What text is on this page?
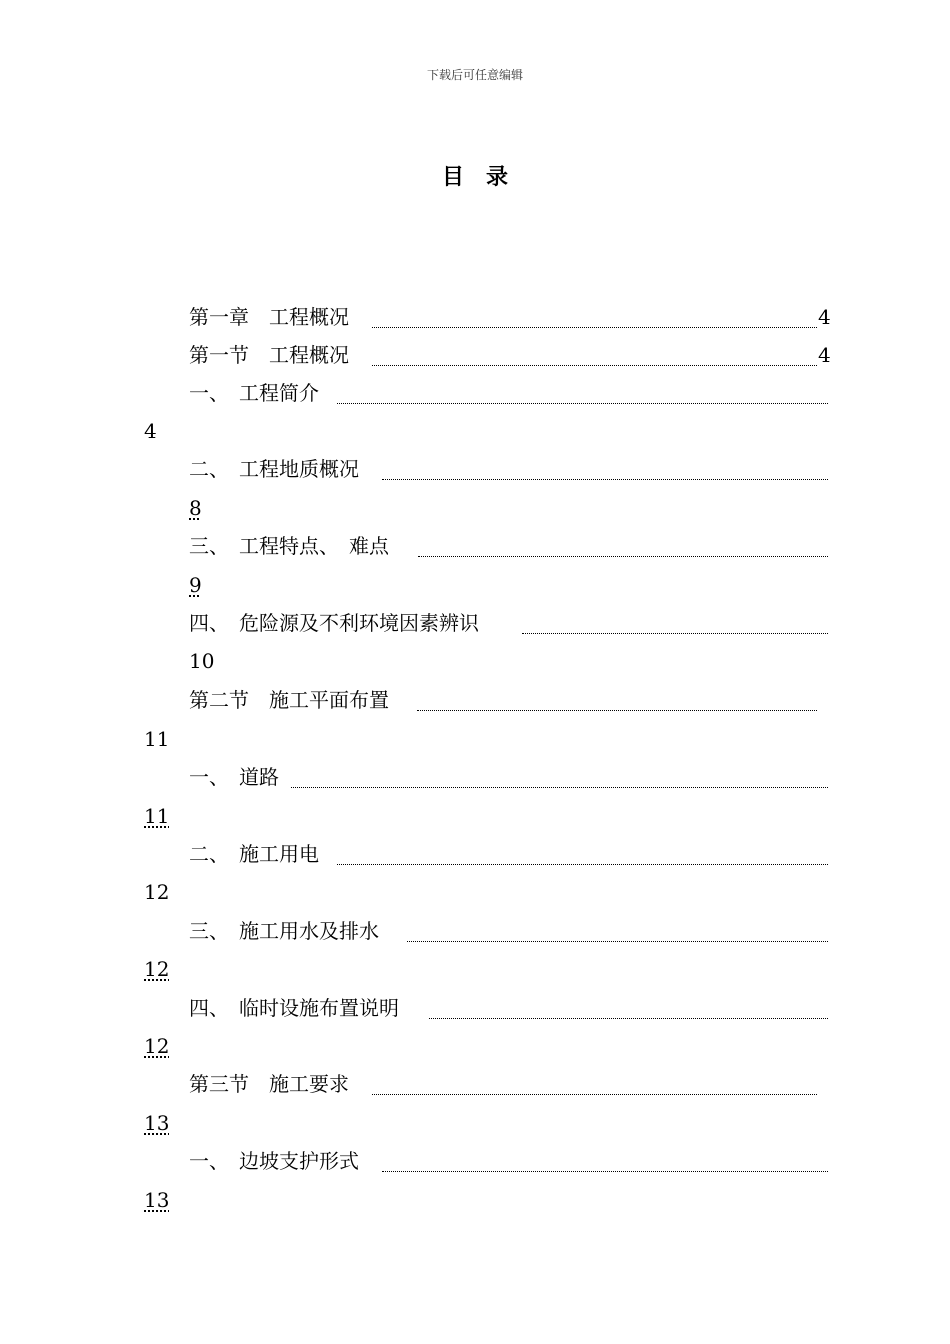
下载后可任意编辑
目 录
第一章　工程概况	4
第一节　工程概况	4
一、　工程简介
4
二、　工程地质概况
8
三、　工程特点、　难点
9
四、　危险源及不利环境因素辨识
10
第二节　施工平面布置
11
一、　道路
11
二、　施工用电
12
三、　施工用水及排水
12
四、　临时设施布置说明
12
第三节　施工要求
13
一、　边坡支护形式
13
